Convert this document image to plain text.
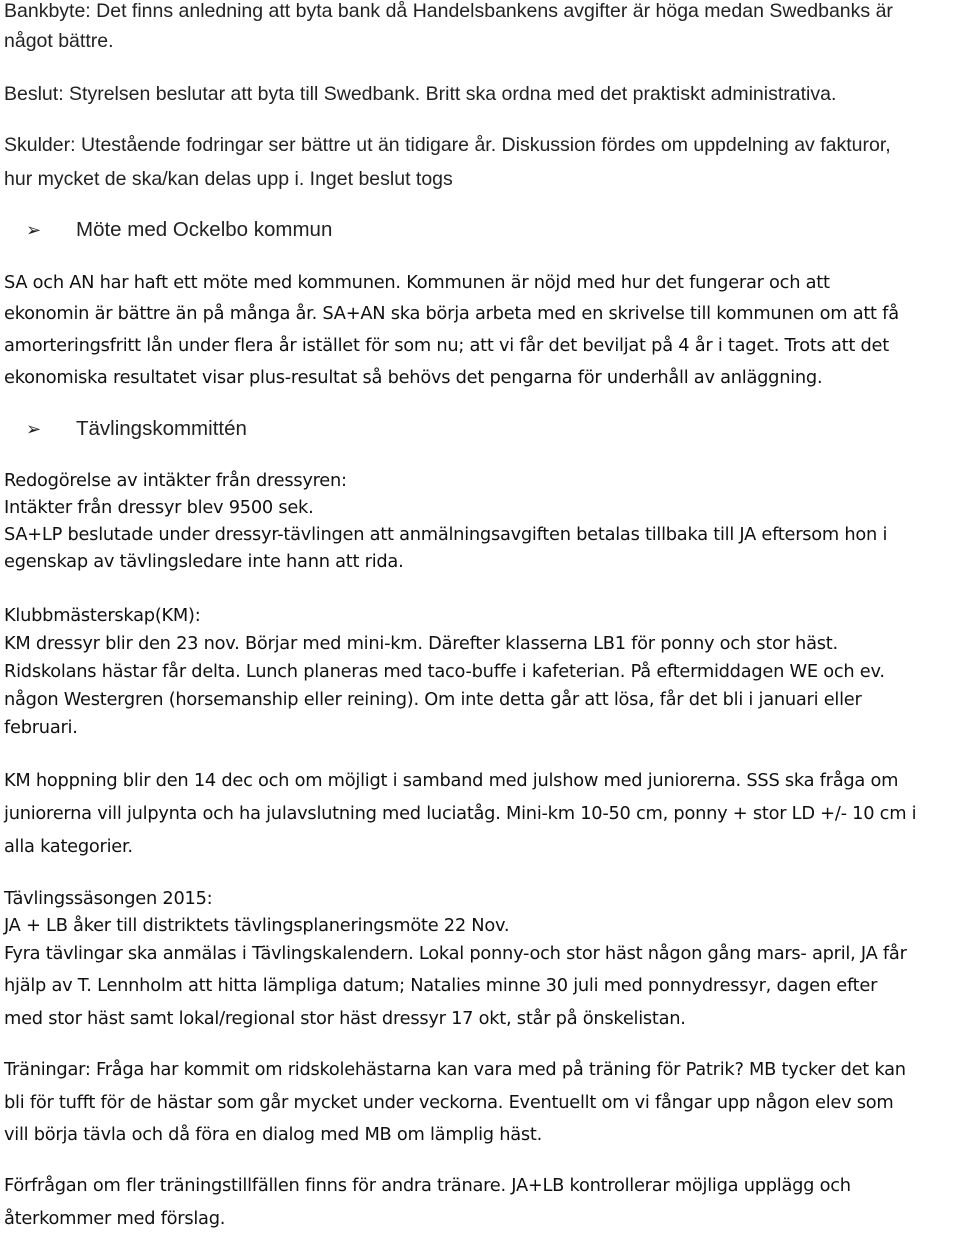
Bankbyte: Det finns anledning att byta bank då Handelsbankens avgifter är höga medan Swedbanks är
något bättre.
Beslut: Styrelsen beslutar att byta till Swedbank. Britt ska ordna med det praktiskt administrativa.
Skulder: Utestående fodringar ser bättre ut än tidigare år. Diskussion fördes om uppdelning av fakturor,
hur mycket de ska/kan delas upp i. Inget beslut togs
➢ Möte med Ockelbo kommun
SA och AN har haft ett möte med kommunen. Kommunen är nöjd med hur det fungerar och att
ekonomin är bättre än på många år. SA+AN ska börja arbeta med en skrivelse till kommunen om att få
amorteringsfritt lån under flera år istället för som nu; att vi får det beviljat på 4 år i taget. Trots att det
ekonomiska resultatet visar plus-resultat så behövs det pengarna för underhåll av anläggning.
➢ Tävlingskommittén
Redogörelse av intäkter från dressyren:
Intäkter från dressyr blev 9500 sek.
SA+LP beslutade under dressyr-tävlingen att anmälningsavgiften betalas tillbaka till JA eftersom hon i
egenskap av tävlingsledare inte hann att rida.
Klubbmästerskap(KM):
KM dressyr blir den 23 nov. Börjar med mini-km. Därefter klasserna LB1 för ponny och stor häst.
Ridskolans hästar får delta. Lunch planeras med taco-buffe i kafeterian. På eftermiddagen WE och ev.
någon Westergren (horsemanship eller reining). Om inte detta går att lösa, får det bli i januari eller
februari.
KM hoppning blir den 14 dec och om möjligt i samband med julshow med juniorerna. SSS ska fråga om
juniorerna vill julpynta och ha julavslutning med luciatåg. Mini-km 10-50 cm, ponny + stor LD +/- 10 cm i
alla kategorier.
Tävlingssäsongen 2015:
JA + LB åker till distriktets tävlingsplaneringsmöte 22 Nov.
Fyra tävlingar ska anmälas i Tävlingskalendern. Lokal ponny-och stor häst någon gång mars- april, JA får
hjälp av T. Lennholm att hitta lämpliga datum; Natalies minne 30 juli med ponnydressyr, dagen efter
med stor häst samt lokal/regional stor häst dressyr 17 okt, står på önskelistan.
Träningar: Fråga har kommit om ridskolehästarna kan vara med på träning för Patrik? MB tycker det kan
bli för tufft för de hästar som går mycket under veckorna. Eventuellt om vi fångar upp någon elev som
vill börja tävla och då föra en dialog med MB om lämplig häst.
Förfrågan om fler träningstillfällen finns för andra tränare. JA+LB kontrollerar möjliga upplägg och
återkommer med förslag.
